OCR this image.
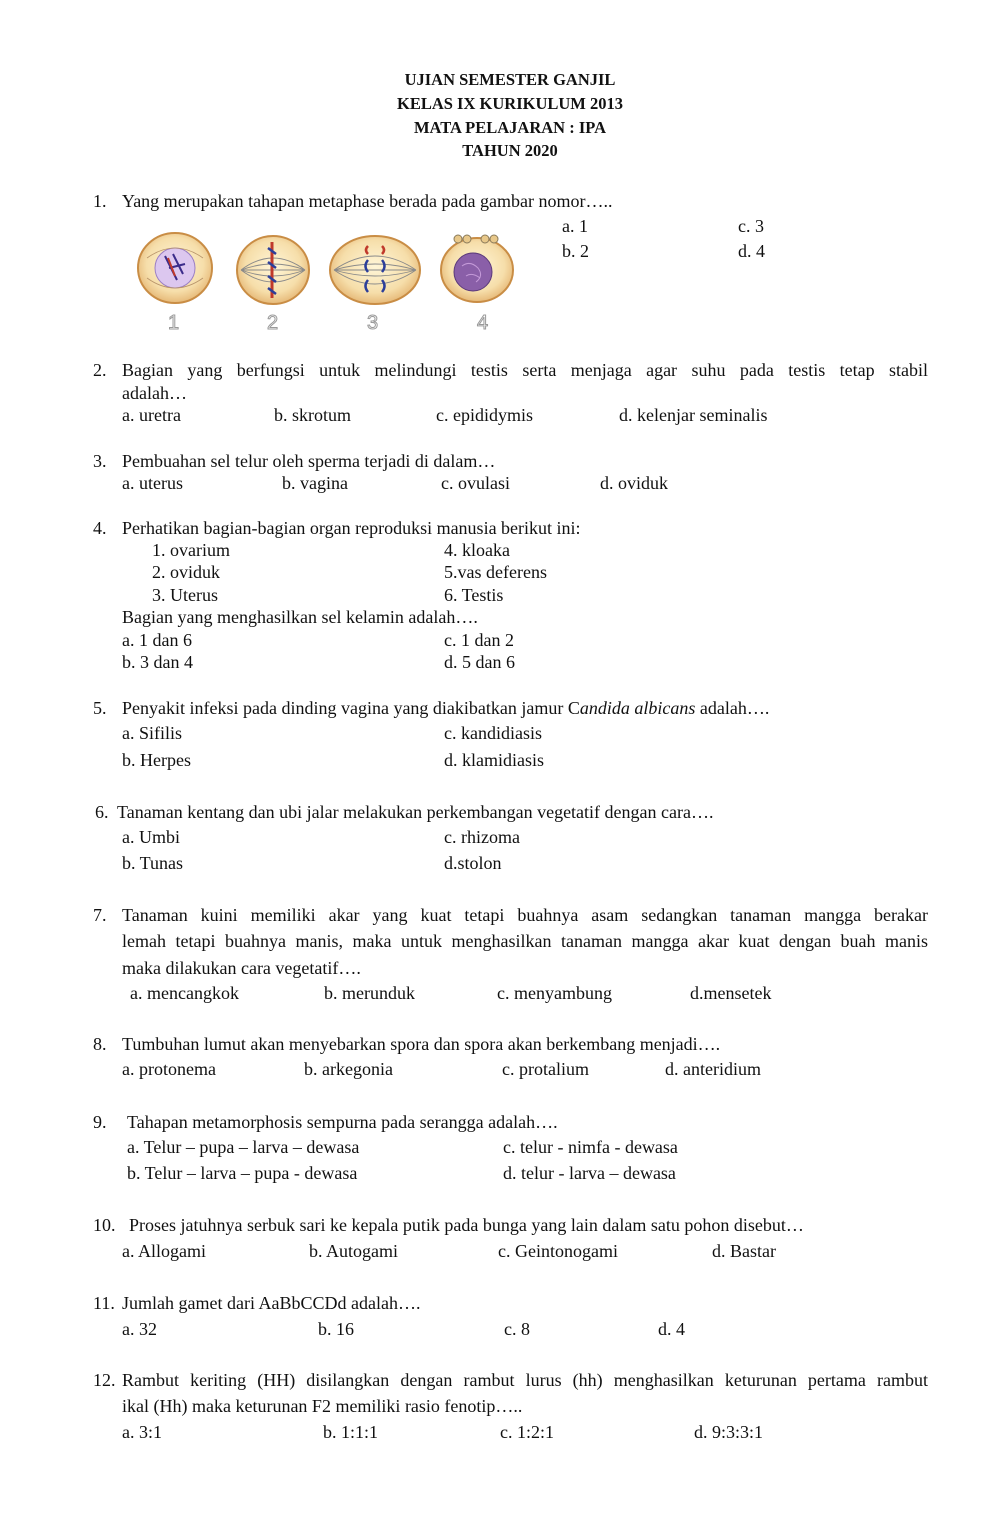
UJIAN SEMESTER GANJIL
KELAS IX KURIKULUM 2013
MATA PELAJARAN : IPA
TAHUN 2020
1. Yang merupakan tahapan metaphase berada pada gambar nomor…..
a. 1	c. 3
b. 2	d. 4
1	2	3	4
2. Bagian yang berfungsi untuk melindungi testis serta menjaga agar suhu pada testis tetap stabil
adalah…
a. uretra	b. skrotum	c. epididymis	d. kelenjar seminalis
3. Pembuahan sel telur oleh sperma terjadi di dalam…
a. uterus	b. vagina	c. ovulasi	d. oviduk
4. Perhatikan bagian-bagian organ reproduksi manusia berikut ini:
1. ovarium
2. oviduk
3. Uterus
4. kloaka
5.vas deferens
6. Testis
Bagian yang menghasilkan sel kelamin adalah….
a. 1 dan 6	c. 1 dan 2
b. 3 dan 4	d. 5 dan 6
5. Penyakit infeksi pada dinding vagina yang diakibatkan jamur Candida albicans adalah….
a. Sifilis	c. kandidiasis
b. Herpes	d. klamidiasis
6. Tanaman kentang dan ubi jalar melakukan perkembangan vegetatif dengan cara….
a. Umbi	c. rhizoma
b. Tunas	d.stolon
7. Tanaman kuini memiliki akar yang kuat tetapi buahnya asam sedangkan tanaman mangga berakar
lemah tetapi buahnya manis, maka untuk menghasilkan tanaman mangga akar kuat dengan buah manis
maka dilakukan cara vegetatif….
a. mencangkok	b. merunduk	c. menyambung	d.mensetek
8. Tumbuhan lumut akan menyebarkan spora dan spora akan berkembang menjadi….
a. protonema	b. arkegonia	c. protalium	d. anteridium
9. Tahapan metamorphosis sempurna pada serangga adalah….
a. Telur – pupa – larva – dewasa	c. telur - nimfa - dewasa
b. Telur – larva – pupa - dewasa	d. telur - larva – dewasa
10. Proses jatuhnya serbuk sari ke kepala putik pada bunga yang lain dalam satu pohon disebut…
a. Allogami	b. Autogami	c. Geintonogami	d. Bastar
11. Jumlah gamet dari AaBbCCDd adalah….
a. 32	b. 16	c. 8	d. 4
12. Rambut keriting (HH) disilangkan dengan rambut lurus (hh) menghasilkan keturunan pertama rambut
ikal (Hh) maka keturunan F2 memiliki rasio fenotip…..
a. 3:1	b. 1:1:1	c. 1:2:1	d. 9:3:3:1
